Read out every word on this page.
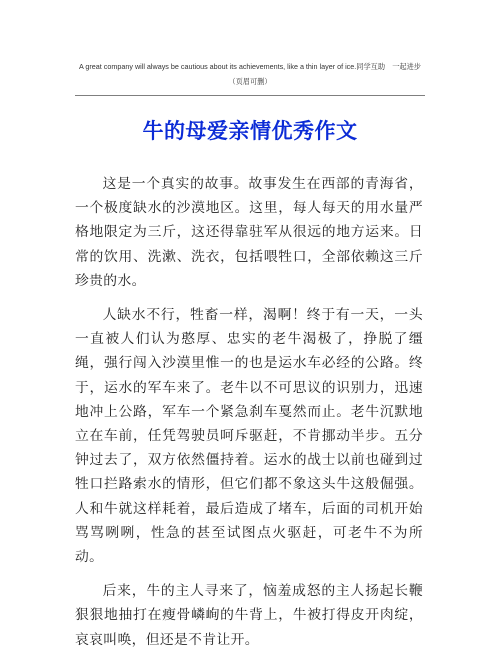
A great company will always be cautious about its achievements, like a thin layer of ice.同学互助　一起进步
（页眉可删）
牛的母爱亲情优秀作文

这是一个真实的故事。故事发生在西部的青海省，一个极度缺水的沙漠地区。这里，每人每天的用水量严格地限定为三斤，这还得靠驻军从很远的地方运来。日常的饮用、洗漱、洗衣，包括喂牲口，全部依赖这三斤珍贵的水。

人缺水不行，牲畜一样，渴啊！终于有一天，一头一直被人们认为憨厚、忠实的老牛渴极了，挣脱了缰绳，强行闯入沙漠里惟一的也是运水车必经的公路。终于，运水的军车来了。老牛以不可思议的识别力，迅速地冲上公路，军车一个紧急刹车戛然而止。老牛沉默地立在车前，任凭驾驶员呵斥驱赶，不肯挪动半步。五分钟过去了，双方依然僵持着。运水的战士以前也碰到过牲口拦路索水的情形，但它们都不象这头牛这般倔强。人和牛就这样耗着，最后造成了堵车，后面的司机开始骂骂咧咧，性急的甚至试图点火驱赶，可老牛不为所动。

后来，牛的主人寻来了，恼羞成怒的主人扬起长鞭狠狠地抽打在瘦骨嶙峋的牛背上，牛被打得皮开肉绽，哀哀叫唤，但还是不肯让开。
